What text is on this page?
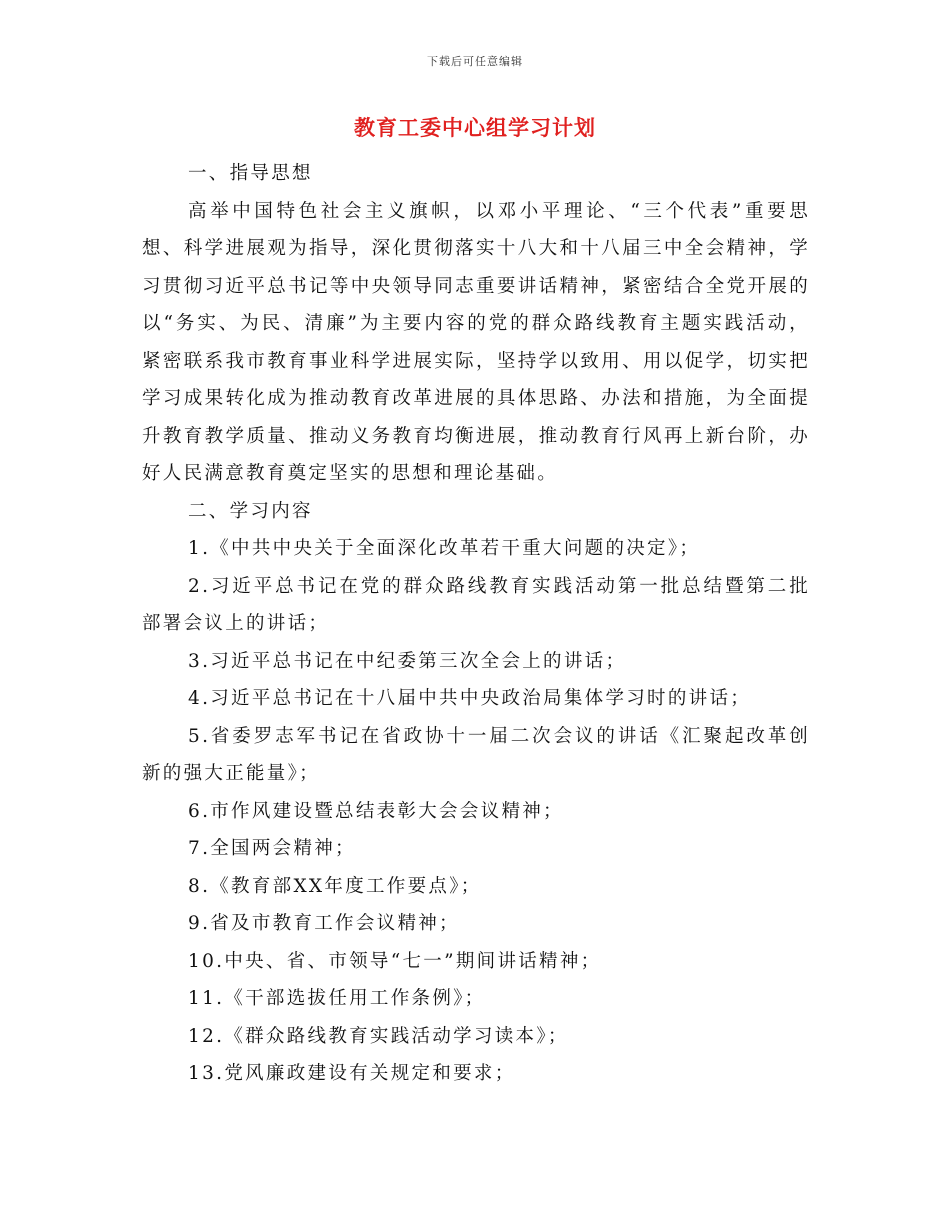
下载后可任意编辑
教育工委中心组学习计划

一、指导思想

高举中国特色社会主义旗帜，以邓小平理论、“三个代表”重要思想、科学进展观为指导，深化贯彻落实十八大和十八届三中全会精神，学习贯彻习近平总书记等中央领导同志重要讲话精神，紧密结合全党开展的以“务实、为民、清廉”为主要内容的党的群众路线教育主题实践活动，紧密联系我市教育事业科学进展实际，坚持学以致用、用以促学，切实把学习成果转化成为推动教育改革进展的具体思路、办法和措施，为全面提升教育教学质量、推动义务教育均衡进展，推动教育行风再上新台阶，办好人民满意教育奠定坚实的思想和理论基础。

二、学习内容

1.《中共中央关于全面深化改革若干重大问题的决定》；

2.习近平总书记在党的群众路线教育实践活动第一批总结暨第二批部署会议上的讲话；

3.习近平总书记在中纪委第三次全会上的讲话；

4.习近平总书记在十八届中共中央政治局集体学习时的讲话；

5.省委罗志军书记在省政协十一届二次会议的讲话《汇聚起改革创新的强大正能量》；

6.市作风建设暨总结表彰大会会议精神；

7.全国两会精神；

8.《教育部XX年度工作要点》；

9.省及市教育工作会议精神；

10.中央、省、市领导“七一”期间讲话精神；

11.《干部选拔任用工作条例》；

12.《群众路线教育实践活动学习读本》；

13.党风廉政建设有关规定和要求；
